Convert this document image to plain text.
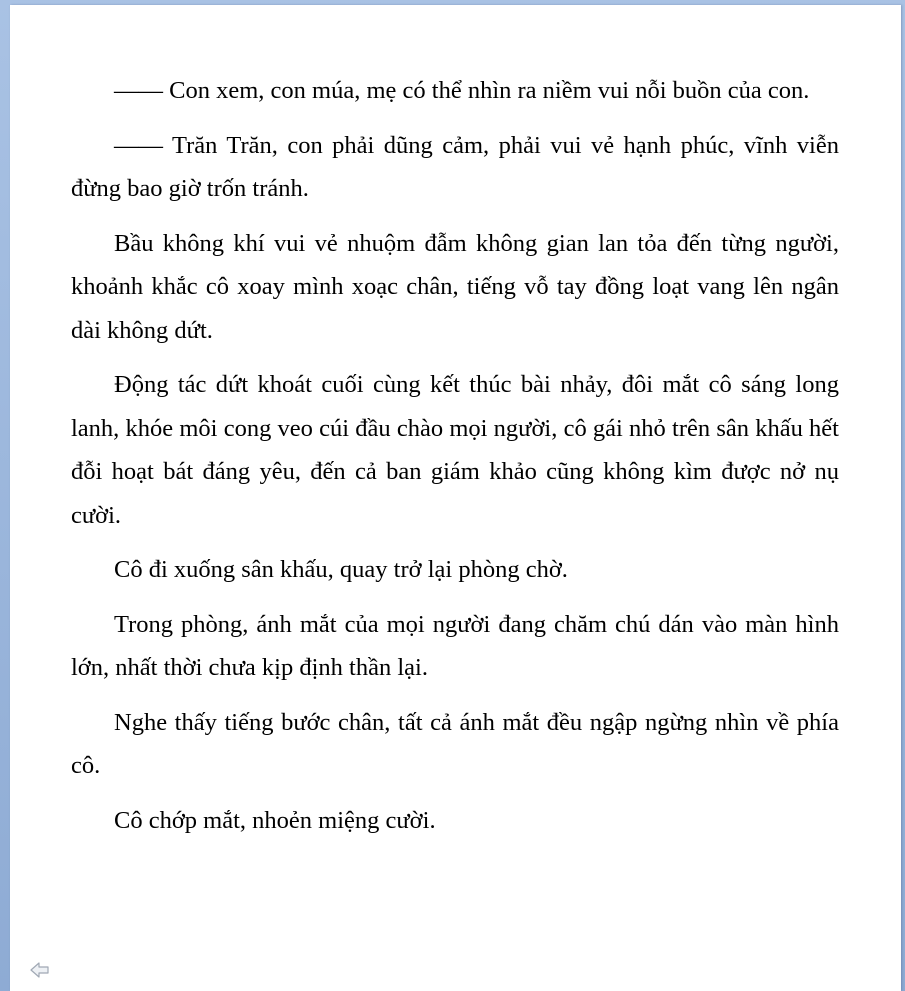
—— Con xem, con múa, mẹ có thể nhìn ra niềm vui nỗi buồn của con.

—— Trăn Trăn, con phải dũng cảm, phải vui vẻ hạnh phúc, vĩnh viễn đừng bao giờ trốn tránh.

Bầu không khí vui vẻ nhuộm đẫm không gian lan tỏa đến từng người, khoảnh khắc cô xoay mình xoạc chân, tiếng vỗ tay đồng loạt vang lên ngân dài không dứt.

Động tác dứt khoát cuối cùng kết thúc bài nhảy, đôi mắt cô sáng long lanh, khóe môi cong veo cúi đầu chào mọi người, cô gái nhỏ trên sân khấu hết đỗi hoạt bát đáng yêu, đến cả ban giám khảo cũng không kìm được nở nụ cười.

Cô đi xuống sân khấu, quay trở lại phòng chờ.

Trong phòng, ánh mắt của mọi người đang chăm chú dán vào màn hình lớn, nhất thời chưa kịp định thần lại.

Nghe thấy tiếng bước chân, tất cả ánh mắt đều ngập ngừng nhìn về phía cô.

Cô chớp mắt, nhoẻn miệng cười.
